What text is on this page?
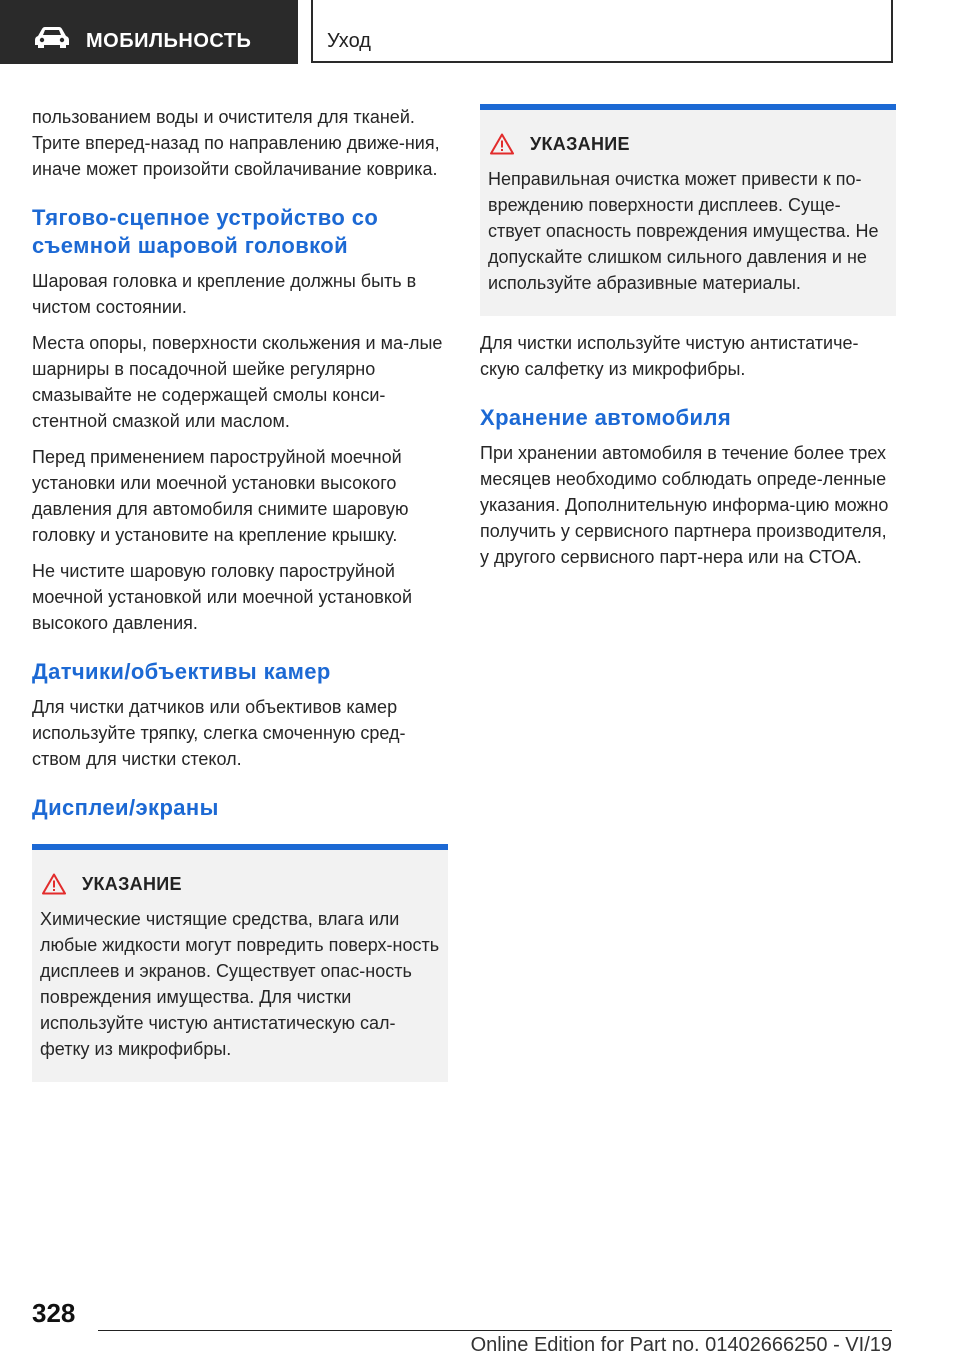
МОБИЛЬНОСТЬ	Уход

пользованием воды и очистителя для тканей. Трите вперед-назад по направлению движе-ния, иначе может произойти свойлачивание коврика.

Тягово-сцепное устройство со съемной шаровой головкой

Шаровая головка и крепление должны быть в чистом состоянии.

Места опоры, поверхности скольжения и ма-лые шарниры в посадочной шейке регулярно смазывайте не содержащей смолы конси-стентной смазкой или маслом.

Перед применением пароструйной моечной установки или моечной установки высокого давления для автомобиля снимите шаровую головку и установите на крепление крышку.

Не чистите шаровую головку пароструйной моечной установкой или моечной установкой высокого давления.

Датчики/объективы камер

Для чистки датчиков или объективов камер используйте тряпку, слегка смоченную сред-ством для чистки стекол.

Дисплеи/экраны
УКАЗАНИЕ

Химические чистящие средства, влага или любые жидкости могут повредить поверх-ность дисплеев и экранов. Существует опас-ность повреждения имущества. Для чистки используйте чистую антистатическую сал-фетку из микрофибры.

УКАЗАНИЕ

Неправильная очистка может привести к по-вреждению поверхности дисплеев. Суще-ствует опасность повреждения имущества. Не допускайте слишком сильного давления и не используйте абразивные материалы.

Для чистки используйте чистую антистатиче-скую салфетку из микрофибры.

Хранение автомобиля

При хранении автомобиля в течение более трех месяцев необходимо соблюдать опреде-ленные указания. Дополнительную информа-цию можно получить у сервисного партнера производителя, у другого сервисного парт-нера или на СТОА.

328
Online Edition for Part no. 01402666250 - VI/19
